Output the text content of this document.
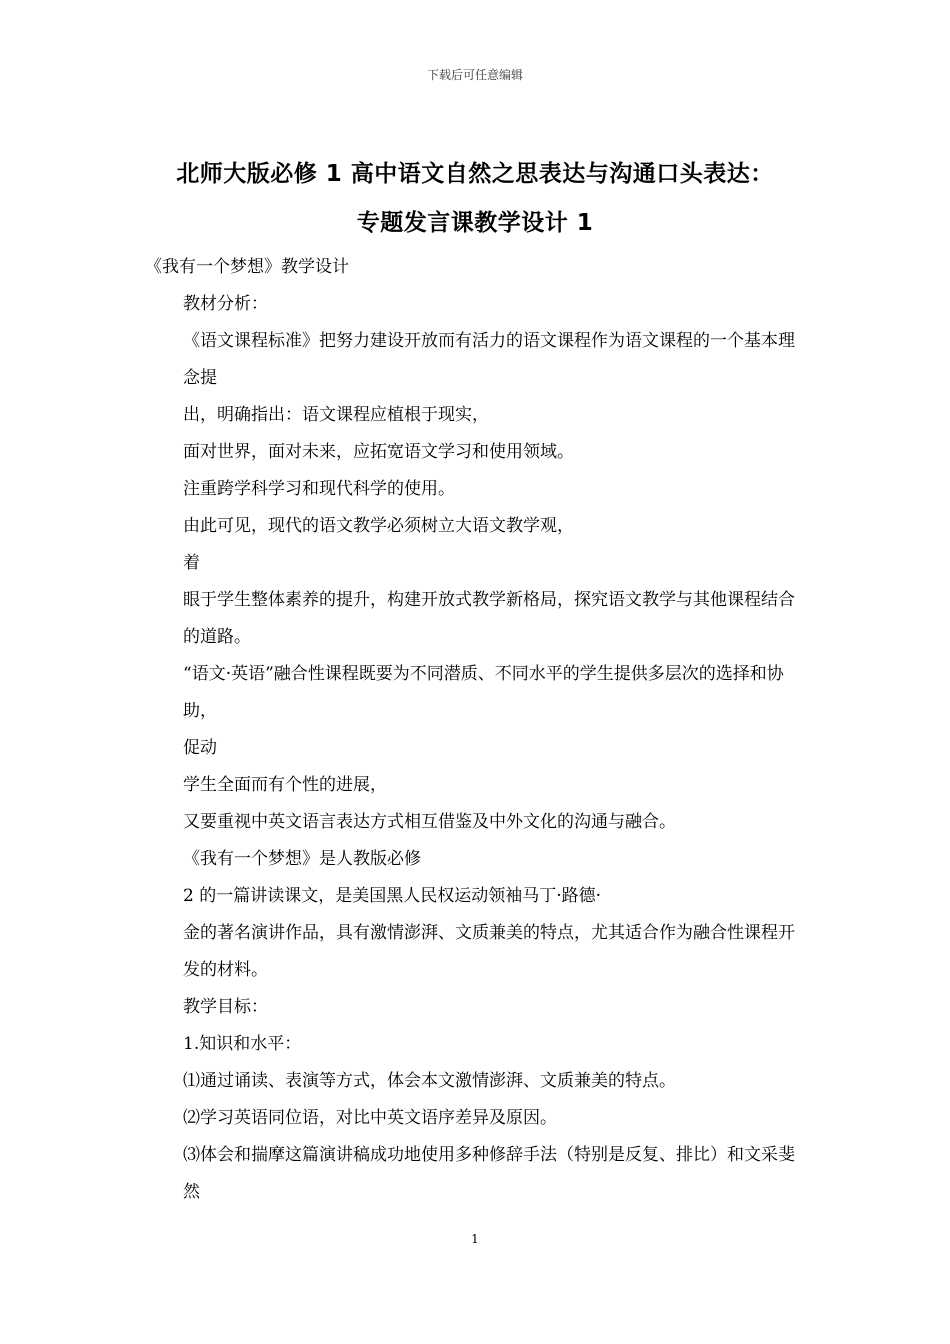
下载后可任意编辑
北师大版必修 1 高中语文自然之思表达与沟通口头表达：
专题发言课教学设计 1

《我有一个梦想》教学设计

教材分析：

《语文课程标准》把努力建设开放而有活力的语文课程作为语文课程的一个基本理念提

出，明确指出：语文课程应植根于现实，

面对世界，面对未来，应拓宽语文学习和使用领域。

注重跨学科学习和现代科学的使用。

由此可见，现代的语文教学必须树立大语文教学观，

着

眼于学生整体素养的提升，构建开放式教学新格局，探究语文教学与其他课程结合的道路。

“语文·英语”融合性课程既要为不同潜质、不同水平的学生提供多层次的选择和协助，

促动

学生全面而有个性的进展，

又要重视中英文语言表达方式相互借鉴及中外文化的沟通与融合。

《我有一个梦想》是人教版必修

2 的一篇讲读课文，是美国黑人民权运动领袖马丁·路德·

金的著名演讲作品，具有激情澎湃、文质兼美的特点，尤其适合作为融合性课程开发的材料。

教学目标：

1.知识和水平：

⑴通过诵读、表演等方式，体会本文激情澎湃、文质兼美的特点。

⑵学习英语同位语，对比中英文语序差异及原因。

⑶体会和揣摩这篇演讲稿成功地使用多种修辞手法（特别是反复、排比）和文采斐然

1
